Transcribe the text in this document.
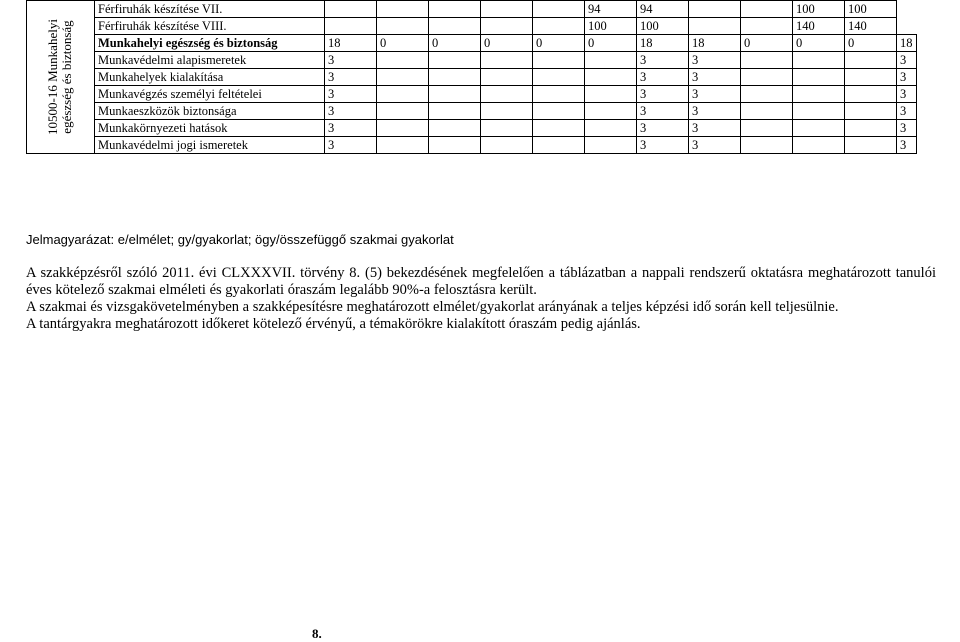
10500-16 Munkahelyi egészség és biztonság	Férfiruhák készítése VII.						94	94			100	100	
	Férfiruhák készítése VIII.						100	100			140	140	
	Munkahelyi egészség és biztonság	18	0	0	0	0	0	18	18	0	0	0	18
	Munkavédelmi alapismeretek	3						3	3				3
	Munkahelyek kialakítása	3						3	3				3
	Munkavégzés személyi feltételei	3						3	3				3
	Munkaeszközök biztonsága	3						3	3				3
	Munkakörnyezeti hatások	3						3	3				3
	Munkavédelmi jogi ismeretek	3						3	3				3
Jelmagyarázat: e/elmélet; gy/gyakorlat; ögy/összefüggő szakmai gyakorlat

A szakképzésről szóló 2011. évi CLXXXVII. törvény 8. (5) bekezdésének megfelelően a táblázatban a nappali rendszerű oktatásra meghatározott tanulói éves kötelező szakmai elméleti és gyakorlati óraszám legalább 90%-a felosztásra került.

A szakmai és vizsgakövetelményben a szakképesítésre meghatározott elmélet/gyakorlat arányának a teljes képzési idő során kell teljesülnie.

A tantárgyakra meghatározott időkeret kötelező érvényű, a témakörökre kialakított óraszám pedig ajánlás.

8.
